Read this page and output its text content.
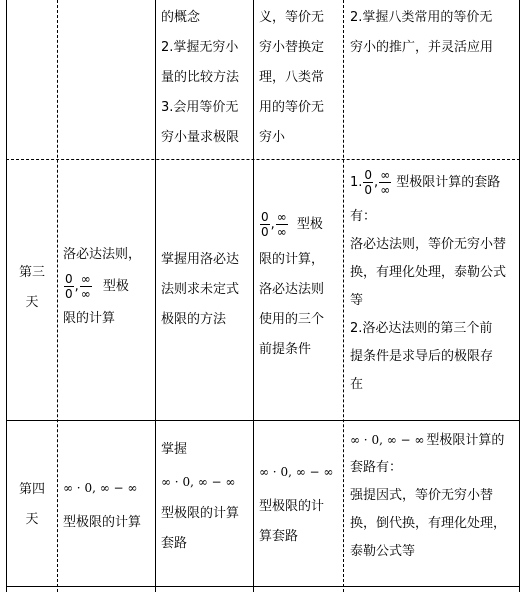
的概念
2.掌握无穷小
量的比较方法
3.会用等价无
穷小量求极限
义，等价无
穷小替换定
理，八类常
用的等价无
穷小
2.掌握八类常用的等价无
穷小的推广，并灵活应用
第三
天
洛必达法则，
$\frac{0}{0}$ , $\frac{\infty}{\infty}$ 型极
限的计算
掌握用洛必达
法则求未定式
极限的方法
$\frac{0}{0}$ , $\frac{\infty}{\infty}$ 型极
限的计算，
洛必达法则
使用的三个
前提条件
1. $\frac{0}{0}$ , $\frac{\infty}{\infty}$ 型极限计算的套路
有：
洛必达法则，等价无穷小替
换，有理化处理，泰勒公式
等
2.洛必达法则的第三个前
提条件是求导后的极限存
在
第四
天
∞ · 0, ∞ − ∞
型极限的计算
掌握
∞ · 0, ∞ − ∞
型极限的计算
套路
∞ · 0, ∞ − ∞
型极限的计
算套路
∞ · 0, ∞ − ∞ 型极限计算的
套路有：
强提因式，等价无穷小替
换，倒代换，有理化处理，
泰勒公式等
